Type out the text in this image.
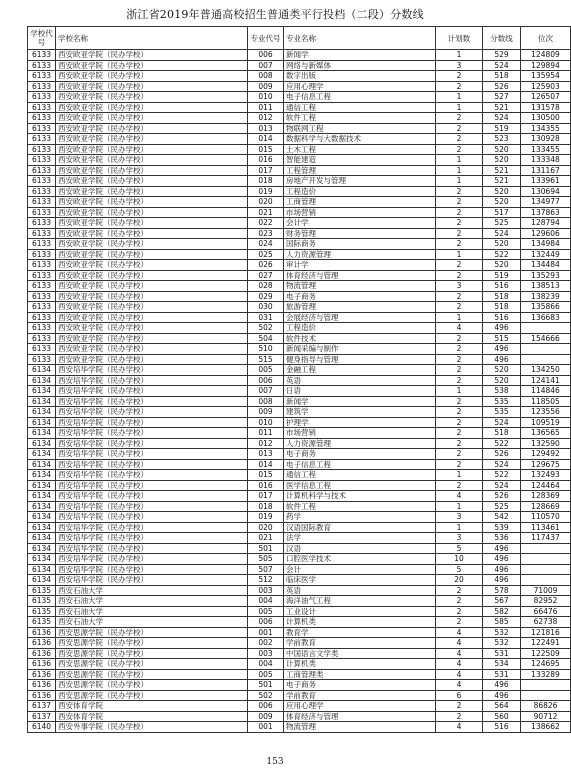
浙江省2019年普通高校招生普通类平行投档（二段）分数线
学校代号	学校名称	专业代号	专业名称	计划数	分数线	位次
6133	西安欧亚学院（民办学校）	006	新闻学	1	529	124809
6133	西安欧亚学院（民办学校）	007	网络与新媒体	3	524	129894
6133	西安欧亚学院（民办学校）	008	数字出版	2	518	135954
6133	西安欧亚学院（民办学校）	009	应用心理学	2	526	125903
6133	西安欧亚学院（民办学校）	010	电子信息工程	1	527	126507
6133	西安欧亚学院（民办学校）	011	通信工程	1	521	131578
6133	西安欧亚学院（民办学校）	012	软件工程	2	524	130500
6133	西安欧亚学院（民办学校）	013	物联网工程	2	519	134355
6133	西安欧亚学院（民办学校）	014	数据科学与大数据技术	2	523	130928
6133	西安欧亚学院（民办学校）	015	土木工程	2	520	133455
6133	西安欧亚学院（民办学校）	016	智能建造	1	520	133348
6133	西安欧亚学院（民办学校）	017	工程管理	1	521	131167
6133	西安欧亚学院（民办学校）	018	房地产开发与管理	1	521	133961
6133	西安欧亚学院（民办学校）	019	工程造价	2	520	130694
6133	西安欧亚学院（民办学校）	020	工商管理	2	520	134977
6133	西安欧亚学院（民办学校）	021	市场营销	2	517	137863
6133	西安欧亚学院（民办学校）	022	会计学	2	525	128794
6133	西安欧亚学院（民办学校）	023	财务管理	2	524	129606
6133	西安欧亚学院（民办学校）	024	国际商务	2	520	134984
6133	西安欧亚学院（民办学校）	025	人力资源管理	1	522	132449
6133	西安欧亚学院（民办学校）	026	审计学	2	520	134484
6133	西安欧亚学院（民办学校）	027	体育经济与管理	2	519	135293
6133	西安欧亚学院（民办学校）	028	物流管理	3	516	138513
6133	西安欧亚学院（民办学校）	029	电子商务	2	518	138239
6133	西安欧亚学院（民办学校）	030	旅游管理	2	518	135866
6133	西安欧亚学院（民办学校）	031	会展经济与管理	1	516	136683
6133	西安欧亚学院（民办学校）	502	工程造价	4	496	
6133	西安欧亚学院（民办学校）	504	软件技术	2	515	154666
6133	西安欧亚学院（民办学校）	510	新闻采编与制作	2	496	
6133	西安欧亚学院（民办学校）	515	健身指导与管理	2	496	
6134	西安培华学院（民办学校）	005	金融工程	2	520	134250
6134	西安培华学院（民办学校）	006	英语	2	520	124141
6134	西安培华学院（民办学校）	007	日语	1	538	114846
6134	西安培华学院（民办学校）	008	新闻学	2	535	118505
6134	西安培华学院（民办学校）	009	建筑学	2	535	123556
6134	西安培华学院（民办学校）	010	护理学	2	524	109519
6134	西安培华学院（民办学校）	011	市场营销	2	518	136565
6134	西安培华学院（民办学校）	012	人力资源管理	2	522	132590
6134	西安培华学院（民办学校）	013	电子商务	2	526	129492
6134	西安培华学院（民办学校）	014	电子信息工程	2	524	129675
6134	西安培华学院（民办学校）	015	通信工程	1	522	132493
6134	西安培华学院（民办学校）	016	医学信息工程	2	524	124464
6134	西安培华学院（民办学校）	017	计算机科学与技术	4	526	128369
6134	西安培华学院（民办学校）	018	软件工程	1	525	128669
6134	西安培华学院（民办学校）	019	药学	3	542	110570
6134	西安培华学院（民办学校）	020	汉语国际教育	1	539	113461
6134	西安培华学院（民办学校）	021	法学	3	536	117437
6134	西安培华学院（民办学校）	501	汉语	5	496	
6134	西安培华学院（民办学校）	505	口腔医学技术	10	496	
6134	西安培华学院（民办学校）	507	会计	5	496	
6134	西安培华学院（民办学校）	512	临床医学	20	496	
6135	西安石油大学	003	英语	2	578	71009
6135	西安石油大学	004	海洋油气工程	2	567	82952
6135	西安石油大学	005	工业设计	2	582	66476
6135	西安石油大学	006	计算机类	2	585	62738
6136	西安思源学院（民办学校）	001	教育学	4	532	121816
6136	西安思源学院（民办学校）	002	学前教育	4	532	122491
6136	西安思源学院（民办学校）	003	中国语言文学类	4	531	122509
6136	西安思源学院（民办学校）	004	计算机类	4	534	124695
6136	西安思源学院（民办学校）	005	工商管理类	4	531	133289
6136	西安思源学院（民办学校）	501	电子商务	4	496	
6136	西安思源学院（民办学校）	502	学前教育	6	496	
6137	西安体育学院	006	应用心理学	2	564	86826
6137	西安体育学院	009	体育经济与管理	2	560	90712
6140	西安外事学院（民办学校）	001	物流管理	4	516	138662
153
